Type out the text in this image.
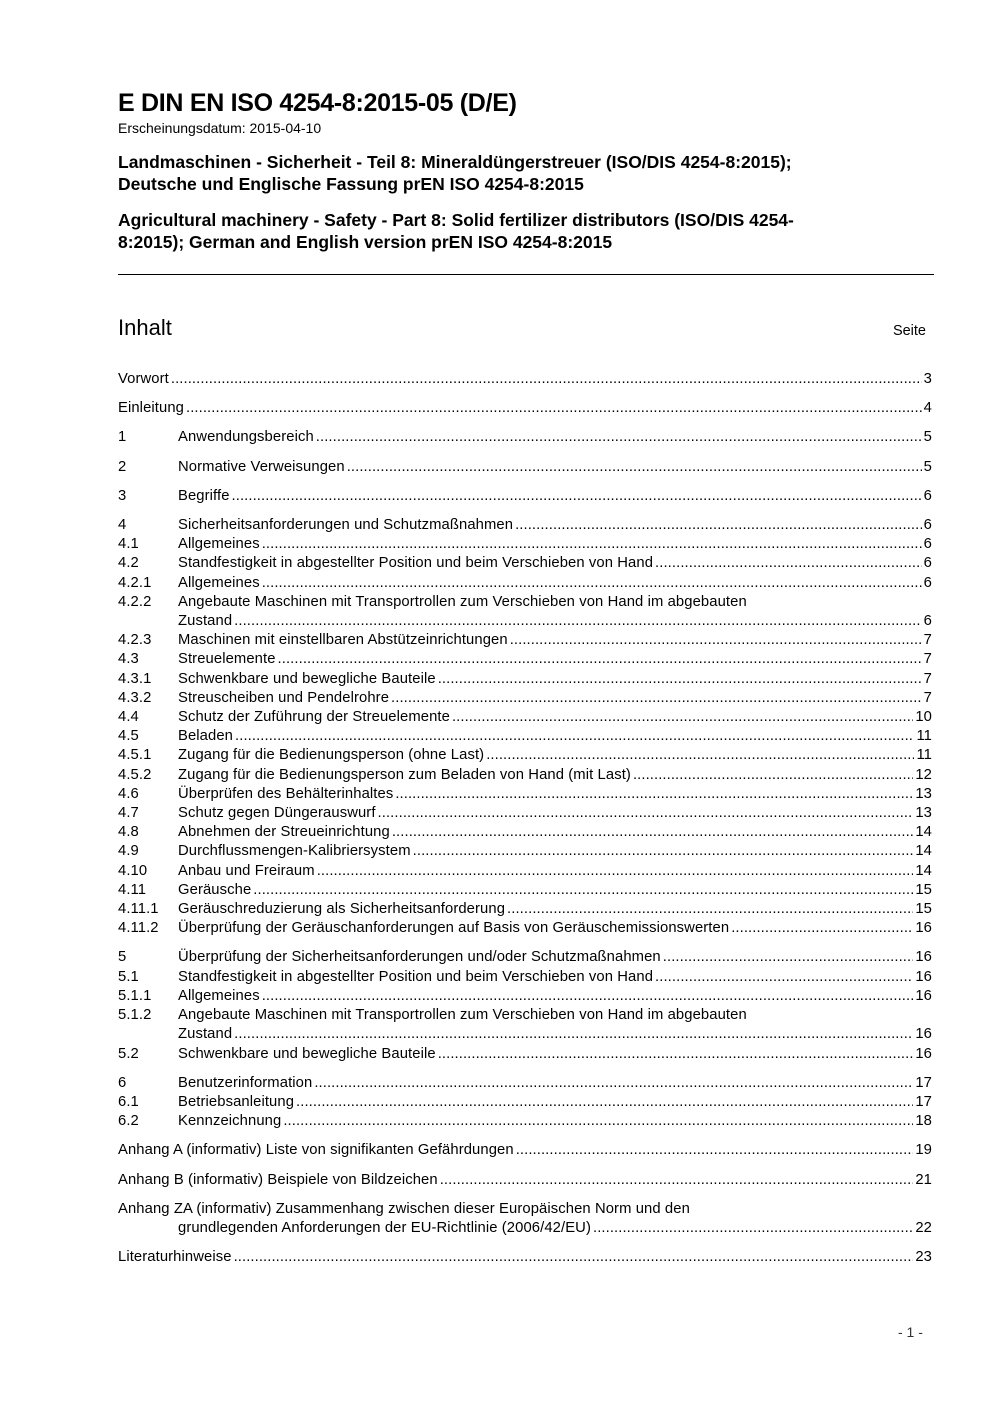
E DIN EN ISO 4254-8:2015-05 (D/E)
Erscheinungsdatum: 2015-04-10
Landmaschinen - Sicherheit - Teil 8: Mineraldüngerstreuer (ISO/DIS 4254-8:2015);
Deutsche und Englische Fassung prEN ISO 4254-8:2015
Agricultural machinery - Safety - Part 8: Solid fertilizer distributors (ISO/DIS 4254-
8:2015); German and English version prEN ISO 4254-8:2015
Inhalt	Seite
Vorwort .....	3
Einleitung .....	4
1	Anwendungsbereich .....	5
2	Normative Verweisungen .....	5
3	Begriffe .....	6
4	Sicherheitsanforderungen und Schutzmaßnahmen .....	6
4.1	Allgemeines .....	6
4.2	Standfestigkeit in abgestellter Position und beim Verschieben von Hand .....	6
4.2.1	Allgemeines .....	6
4.2.2	Angebaute Maschinen mit Transportrollen zum Verschieben von Hand im abgebauten
Zustand .....	6
4.2.3	Maschinen mit einstellbaren Abstützeinrichtungen .....	7
4.3	Streuelemente .....	7
4.3.1	Schwenkbare und bewegliche Bauteile .....	7
4.3.2	Streuscheiben und Pendelrohre .....	7
4.4	Schutz der Zuführung der Streuelemente .....	10
4.5	Beladen .....	11
4.5.1	Zugang für die Bedienungsperson (ohne Last) .....	11
4.5.2	Zugang für die Bedienungsperson zum Beladen von Hand (mit Last) .....	12
4.6	Überprüfen des Behälterinhaltes .....	13
4.7	Schutz gegen Düngerauswurf .....	13
4.8	Abnehmen der Streueinrichtung .....	14
4.9	Durchflussmengen-Kalibriersystem .....	14
4.10	Anbau und Freiraum .....	14
4.11	Geräusche .....	15
4.11.1	Geräuschreduzierung als Sicherheitsanforderung .....	15
4.11.2	Überprüfung der Geräuschanforderungen auf Basis von Geräuschemissionswerten .....	16
5	Überprüfung der Sicherheitsanforderungen und/oder Schutzmaßnahmen .....	16
5.1	Standfestigkeit in abgestellter Position und beim Verschieben von Hand .....	16
5.1.1	Allgemeines .....	16
5.1.2	Angebaute Maschinen mit Transportrollen zum Verschieben von Hand im abgebauten
Zustand .....	16
5.2	Schwenkbare und bewegliche Bauteile .....	16
6	Benutzerinformation .....	17
6.1	Betriebsanleitung .....	17
6.2	Kennzeichnung .....	18
Anhang A (informativ) Liste von signifikanten Gefährdungen .....	19
Anhang B (informativ) Beispiele von Bildzeichen .....	21
Anhang ZA (informativ) Zusammenhang zwischen dieser Europäischen Norm und den
grundlegenden Anforderungen der EU-Richtlinie (2006/42/EU) .....	22
Literaturhinweise .....	23
- 1 -
